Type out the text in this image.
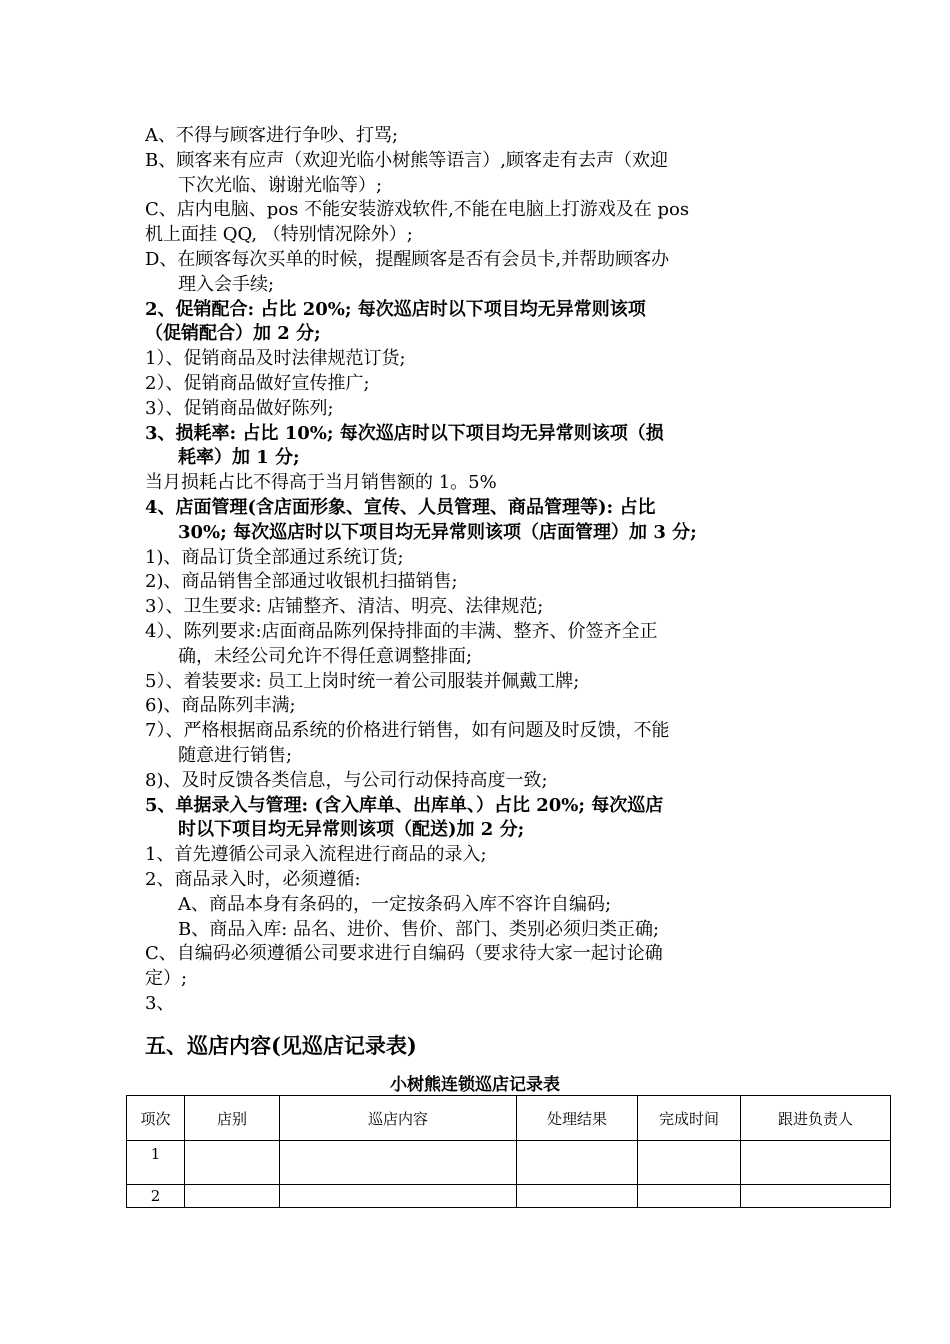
A、不得与顾客进行争吵、打骂;
B、顾客来有应声（欢迎光临小树熊等语言）,顾客走有去声（欢迎
下次光临、谢谢光临等）;
C、店内电脑、pos 不能安装游戏软件,不能在电脑上打游戏及在 pos
机上面挂 QQ, （特别情况除外）;
D、在顾客每次买单的时候，提醒顾客是否有会员卡,并帮助顾客办
理入会手续;
2、促销配合: 占比 20%; 每次巡店时以下项目均无异常则该项
（促销配合）加 2 分;
1）、促销商品及时法律规范订货;
2）、促销商品做好宣传推广;
3）、促销商品做好陈列;
3、损耗率: 占比 10%; 每次巡店时以下项目均无异常则该项（损
耗率）加 1 分;
当月损耗占比不得高于当月销售额的 1。5%
4、店面管理(含店面形象、宣传、人员管理、商品管理等): 占比
30%; 每次巡店时以下项目均无异常则该项（店面管理）加 3 分;
1)、商品订货全部通过系统订货;
2)、商品销售全部通过收银机扫描销售;
3）、卫生要求: 店铺整齐、清洁、明亮、法律规范;
4）、陈列要求:店面商品陈列保持排面的丰满、整齐、价签齐全正
确，未经公司允许不得任意调整排面;
5）、着装要求: 员工上岗时统一着公司服装并佩戴工牌;
6)、商品陈列丰满;
7）、严格根据商品系统的价格进行销售，如有问题及时反馈，不能
随意进行销售;
8)、及时反馈各类信息，与公司行动保持高度一致;
5、单据录入与管理: (含入库单、出库单、）占比 20%; 每次巡店
时以下项目均无异常则该项（配送)加 2 分;
1、首先遵循公司录入流程进行商品的录入;
2、商品录入时，必须遵循:
A、商品本身有条码的，一定按条码入库不容许自编码;
B、商品入库: 品名、进价、售价、部门、类别必须归类正确;
C、自编码必须遵循公司要求进行自编码（要求待大家一起讨论确
定）;
3、
五、巡店内容(见巡店记录表)
小树熊连锁巡店记录表
项次	店别	巡店内容	处理结果	完成时间	跟进负责人
1					
2					
